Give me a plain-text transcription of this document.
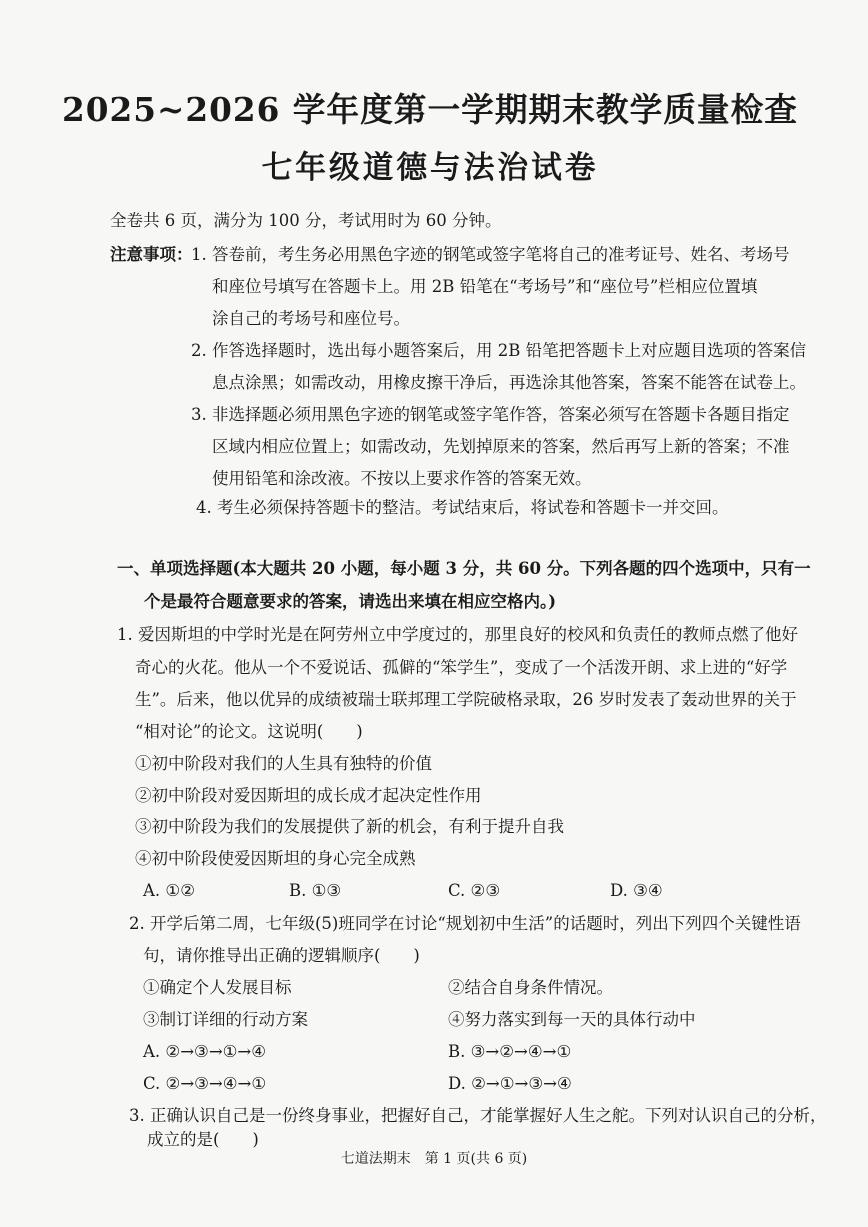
2025~2026 学年度第一学期期末教学质量检查
七年级道德与法治试卷
全卷共 6 页，满分为 100 分，考试用时为 60 分钟。
注意事项：
1. 答卷前，考生务必用黑色字迹的钢笔或签字笔将自己的准考证号、姓名、考场号
和座位号填写在答题卡上。用 2B 铅笔在“考场号”和“座位号”栏相应位置填
涂自己的考场号和座位号。
2. 作答选择题时，选出每小题答案后，用 2B 铅笔把答题卡上对应题目选项的答案信
息点涂黑；如需改动，用橡皮擦干净后，再选涂其他答案，答案不能答在试卷上。
3. 非选择题必须用黑色字迹的钢笔或签字笔作答，答案必须写在答题卡各题目指定
区域内相应位置上；如需改动，先划掉原来的答案，然后再写上新的答案；不准
使用铅笔和涂改液。不按以上要求作答的答案无效。
4. 考生必须保持答题卡的整洁。考试结束后，将试卷和答题卡一并交回。
一、单项选择题(本大题共 20 小题，每小题 3 分，共 60 分。下列各题的四个选项中，只有一
个是最符合题意要求的答案，请选出来填在相应空格内。)
1. 爱因斯坦的中学时光是在阿劳州立中学度过的，那里良好的校风和负责任的教师点燃了他好
奇心的火花。他从一个不爱说话、孤僻的“笨学生”，变成了一个活泼开朗、求上进的“好学
生”。后来，他以优异的成绩被瑞士联邦理工学院破格录取，26 岁时发表了轰动世界的关于
“相对论”的论文。这说明(　　)
①初中阶段对我们的人生具有独特的价值
②初中阶段对爱因斯坦的成长成才起决定性作用
③初中阶段为我们的发展提供了新的机会，有利于提升自我
④初中阶段使爱因斯坦的身心完全成熟
A. ①②	B. ①③	C. ②③	D. ③④
2. 开学后第二周，七年级(5)班同学在讨论“规划初中生活”的话题时，列出下列四个关键性语
句，请你推导出正确的逻辑顺序(　　)
①确定个人发展目标	②结合自身条件情况。
③制订详细的行动方案	④努力落实到每一天的具体行动中
A. ②→③→①→④	B. ③→②→④→①
C. ②→③→④→①	D. ②→①→③→④
3. 正确认识自己是一份终身事业，把握好自己，才能掌握好人生之舵。下列对认识自己的分析，
成立的是(　　)
七道法期末　第 1 页(共 6 页)
